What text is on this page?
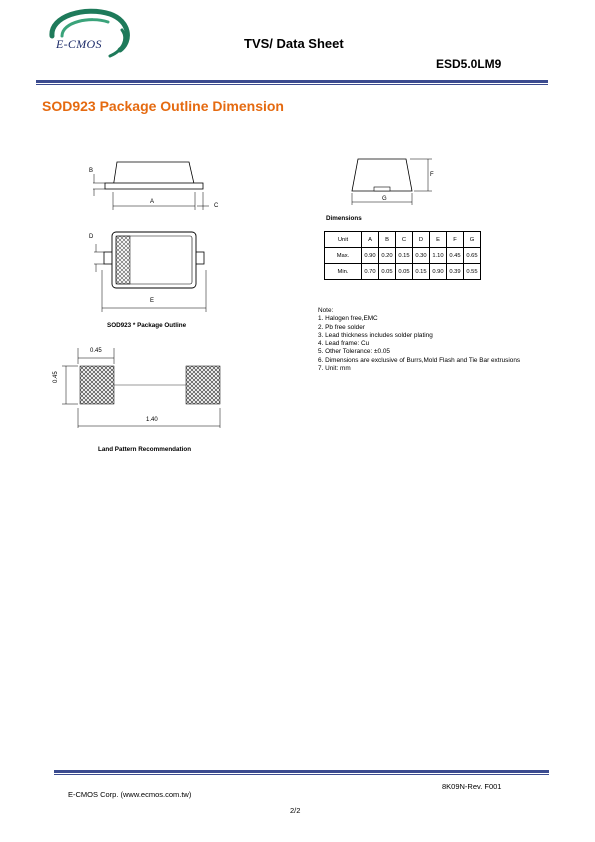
E-CMOS	TVS/ Data Sheet
ESD5.0LM9
SOD923 Package Outline Dimension
B
A
C
D
E
SOD923 * Package Outline
0.45
0.45
1.40
Land Pattern Recommendation
F
G
Dimensions
Unit	A	B	C	D	E	F	G
Max.	0.90	0.20	0.15	0.30	1.10	0.45	0.65
Min.	0.70	0.05	0.05	0.15	0.90	0.39	0.55
Note:
1. Halogen free,EMC
2. Pb free solder
3. Lead thickness includes solder plating
4. Lead frame: Cu
5. Other Tolerance: ±0.05
6. Dimensions are exclusive of Burrs,Mold Flash and Tie Bar extrusions
7. Unit: mm
8K09N-Rev. F001
E-CMOS Corp. (www.ecmos.com.tw)
2/2
